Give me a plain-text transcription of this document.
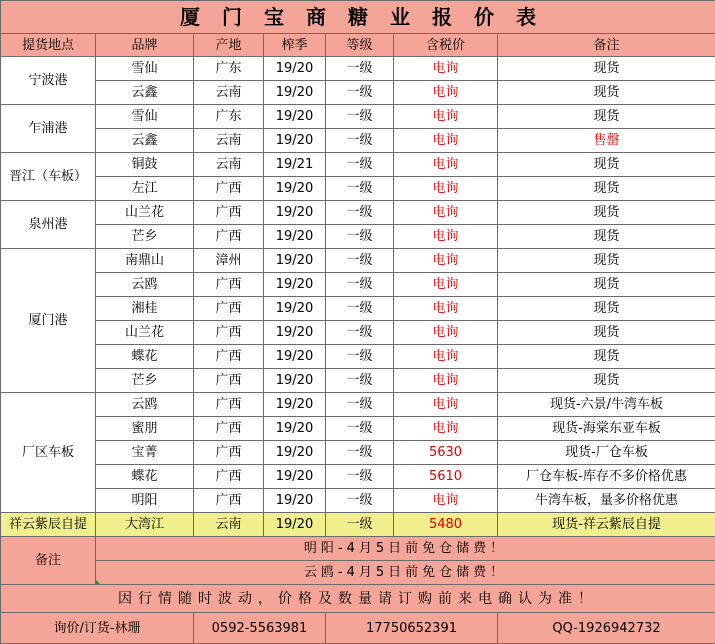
厦门宝商糖业报价表						
提货地点	品牌	产地	榨季	等级	含税价	备注
宁波港	雪仙	广东	19/20	一级	电询	现货
	云鑫	云南	19/20	一级	电询	现货
乍浦港	雪仙	广东	19/20	一级	电询	现货
	云鑫	云南	19/20	一级	电询	售罄
晋江（车板）	铜鼓	云南	19/21	一级	电询	现货
	左江	广西	19/20	一级	电询	现货
泉州港	山兰花	广西	19/20	一级	电询	现货
	芒乡	广西	19/20	一级	电询	现货
厦门港	南鼎山	漳州	19/20	一级	电询	现货
	云鸥	广西	19/20	一级	电询	现货
	湘桂	广西	19/20	一级	电询	现货
	山兰花	广西	19/20	一级	电询	现货
	蝶花	广西	19/20	一级	电询	现货
	芒乡	广西	19/20	一级	电询	现货
厂区车板	云鸥	广西	19/20	一级	电询	现货-六景/牛湾车板
	蜜朋	广西	19/20	一级	电询	现货-海棠东亚车板
	宝菁	广西	19/20	一级	5630	现货-厂仓车板
	蝶花	广西	19/20	一级	5610	厂仓车板-库存不多价格优惠
	明阳	广西	19/20	一级	电询	牛湾车板，量多价格优惠
祥云紫辰自提	大湾江	云南	19/20	一级	5480	现货-祥云紫辰自提
备注	明阳-4月5日前免仓储费！					
	云鸥-4月5日前免仓储费！					

因行情随时波动，价格及数量请订购前来电确认为准！						
询价/订货-林珊		0592-5563981		17750652391		QQ-1926942732
